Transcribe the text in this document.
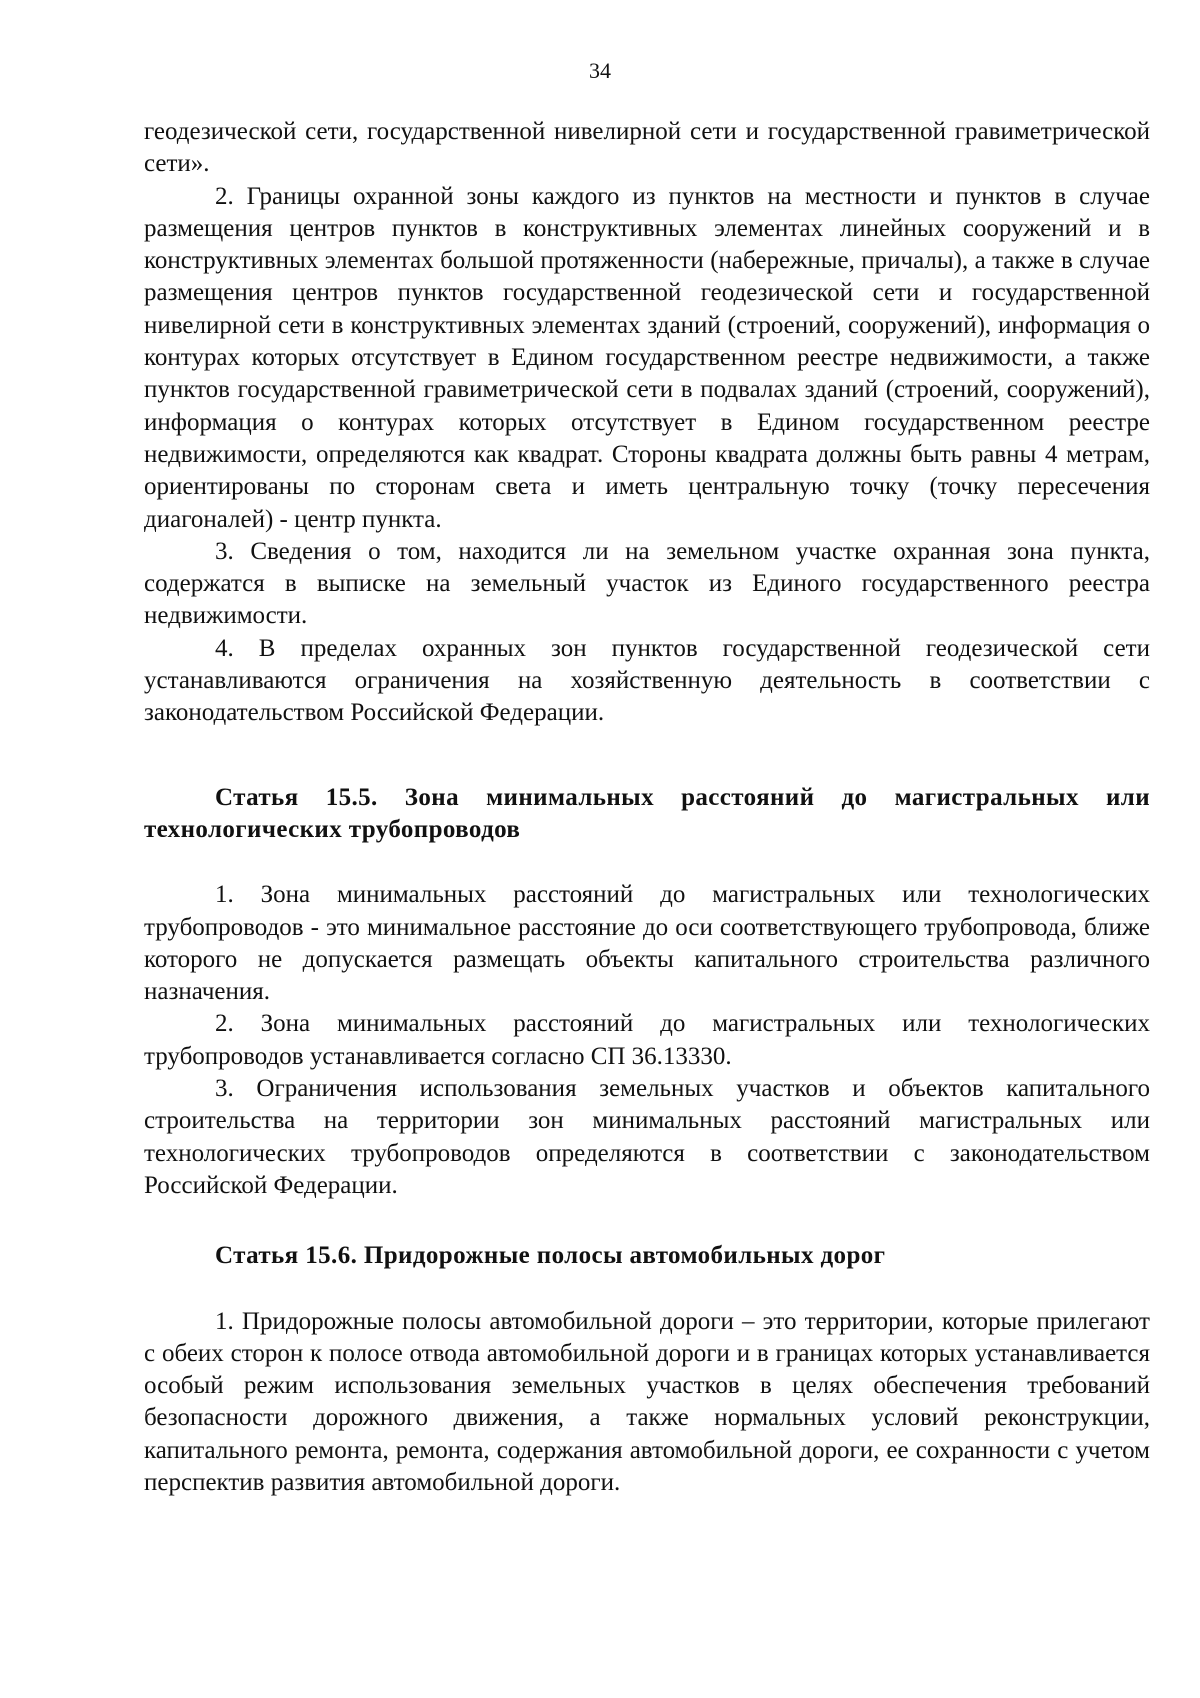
34

геодезической сети, государственной нивелирной сети и государственной гравиметрической сети».

2. Границы охранной зоны каждого из пунктов на местности и пунктов в случае размещения центров пунктов в конструктивных элементах линейных сооружений и в конструктивных элементах большой протяженности (набережные, причалы), а также в случае размещения центров пунктов государственной геодезической сети и государственной нивелирной сети в конструктивных элементах зданий (строений, сооружений), информация о контурах которых отсутствует в Едином государственном реестре недвижимости, а также пунктов государственной гравиметрической сети в подвалах зданий (строений, сооружений), информация о контурах которых отсутствует в Едином государственном реестре недвижимости, определяются как квадрат. Стороны квадрата должны быть равны 4 метрам, ориентированы по сторонам света и иметь центральную точку (точку пересечения диагоналей) - центр пункта.

3. Сведения о том, находится ли на земельном участке охранная зона пункта, содержатся в выписке на земельный участок из Единого государственного реестра недвижимости.

4. В пределах охранных зон пунктов государственной геодезической сети устанавливаются ограничения на хозяйственную деятельность в соответствии с законодательством Российской Федерации.

Статья 15.5. Зона минимальных расстояний до магистральных или технологических трубопроводов

1. Зона минимальных расстояний до магистральных или технологических трубопроводов - это минимальное расстояние до оси соответствующего трубопровода, ближе которого не допускается размещать объекты капитального строительства различного назначения.

2. Зона минимальных расстояний до магистральных или технологических трубопроводов устанавливается согласно СП 36.13330.

3. Ограничения использования земельных участков и объектов капитального строительства на территории зон минимальных расстояний магистральных или технологических трубопроводов определяются в соответствии с законодательством Российской Федерации.

Статья 15.6. Придорожные полосы автомобильных дорог

1. Придорожные полосы автомобильной дороги – это территории, которые прилегают с обеих сторон к полосе отвода автомобильной дороги и в границах которых устанавливается особый режим использования земельных участков в целях обеспечения требований безопасности дорожного движения, а также нормальных условий реконструкции, капитального ремонта, ремонта, содержания автомобильной дороги, ее сохранности с учетом перспектив развития автомобильной дороги.
